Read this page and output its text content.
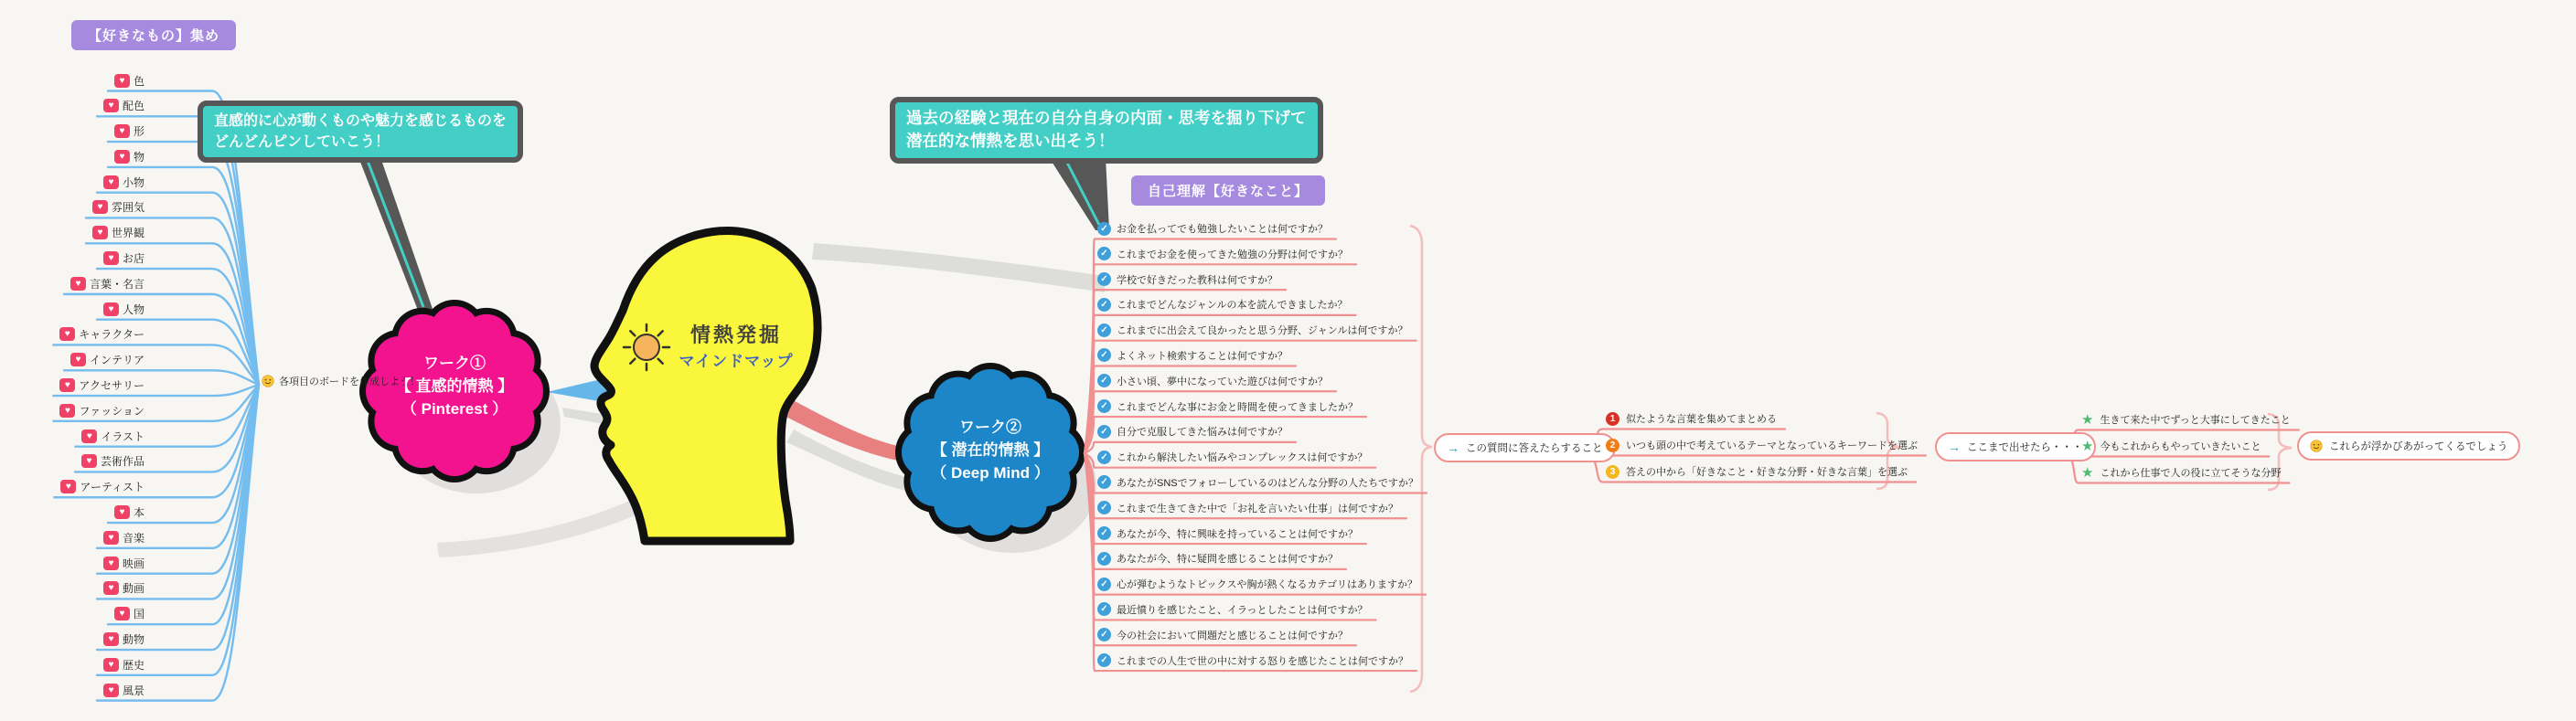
【好きなもの】集め
♥ 色
♥ 配色
♥ 形
♥ 物
♥ 小物
♥ 雰囲気
♥ 世界観
♥ お店
♥ 言葉・名言
♥ 人物
♥ キャラクター
♥ インテリア
♥ アクセサリー
♥ ファッション
♥ イラスト
♥ 芸術作品
♥ アーティスト
♥ 本
♥ 音楽
♥ 映画
♥ 動画
♥ 国
♥ 動物
♥ 歴史
♥ 風景
各項目のボードを作成しよう！
直感的に心が動くものや魅力を感じるものを
どんどんピンしていこう！
過去の経験と現在の自分自身の内面・思考を掘り下げて
潜在的な情熱を思い出そう！
ワーク①
【 直感的情熱 】
（ Pinterest ）
ワーク②
【 潜在的情熱 】
（ Deep Mind ）
情熱発掘
マインドマップ
自己理解【好きなこと】
✓ お金を払ってでも勉強したいことは何ですか？
✓ これまでお金を使ってきた勉強の分野は何ですか？
✓ 学校で好きだった教科は何ですか？
✓ これまでどんなジャンルの本を読んできましたか？
✓ これまでに出会えて良かったと思う分野、ジャンルは何ですか？
✓ よくネット検索することは何ですか？
✓ 小さい頃、夢中になっていた遊びは何ですか？
✓ これまでどんな事にお金と時間を使ってきましたか？
✓ 自分で克服してきた悩みは何ですか？
✓ これから解決したい悩みやコンプレックスは何ですか？
✓ あなたがSNSでフォローしているのはどんな分野の人たちですか？
✓ これまで生きてきた中で「お礼を言いたい仕事」は何ですか？
✓ あなたが今、特に興味を持っていることは何ですか？
✓ あなたが今、特に疑問を感じることは何ですか？
✓ 心が弾むようなトピックスや胸が熱くなるカテゴリはありますか？
✓ 最近憤りを感じたこと、イラっとしたことは何ですか？
✓ 今の社会において問題だと感じることは何ですか？
✓ これまでの人生で世の中に対する怒りを感じたことは何ですか？
→ この質問に答えたらすること
1	似たような言葉を集めてまとめる
2	いつも頭の中で考えているテーマとなっているキーワードを選ぶ
3	答えの中から「好きなこと・好きな分野・好きな言葉」を選ぶ
→ ここまで出せたら・・・
★ 生きて来た中でずっと大事にしてきたこと
★ 今もこれからもやっていきたいこと
★ これから仕事で人の役に立てそうな分野
これらが浮かびあがってくるでしょう
